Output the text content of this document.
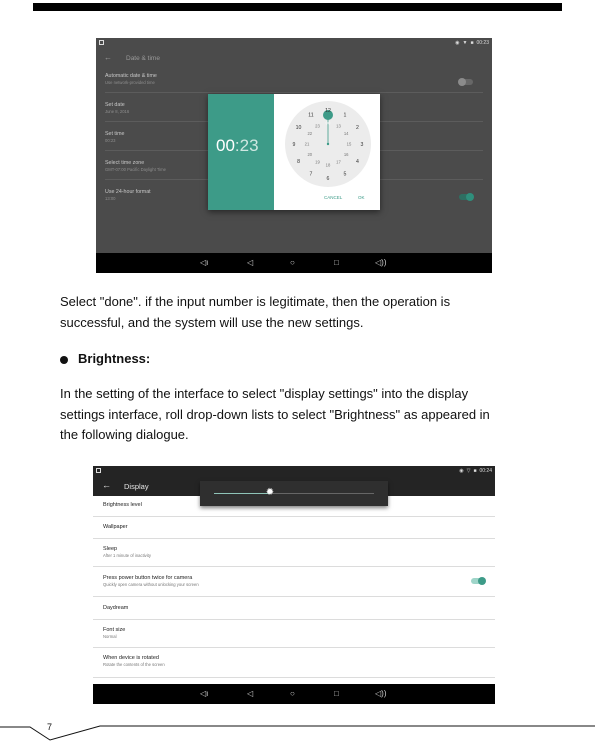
◉ ▼ ■ 00:23
← Date & time
Automatic date & time
Use network-provided time
Set date
June 8, 2016
Set time
00:23
Select time zone
GMT-07:00 Pacific Daylight Time
Use 24-hour format
13:00
00:23
12
1
2
3
4
5
6
7
8
9
10
11
00
13
14
15
16
17
18
19
20
21
22
23
CANCEL	OK
◁ı	◁	○	□	◁))
Select "done". if the input number is legitimate, then the operation is
successful, and the system will use the new settings.
Brightness:
In the setting of the interface to select "display settings" into the display
settings interface, roll drop-down lists to select "Brightness" as appeared in
the following dialogue.
◉ ▽ ■ 00:24
← Display
Brightness level
Wallpaper
Sleep
After 1 minute of inactivity
Press power button twice for camera
Quickly open camera without unlocking your screen
Daydream
Font size
Normal
When device is rotated
Rotate the contents of the screen
✹
◁ı	◁	○	□	◁))
7
